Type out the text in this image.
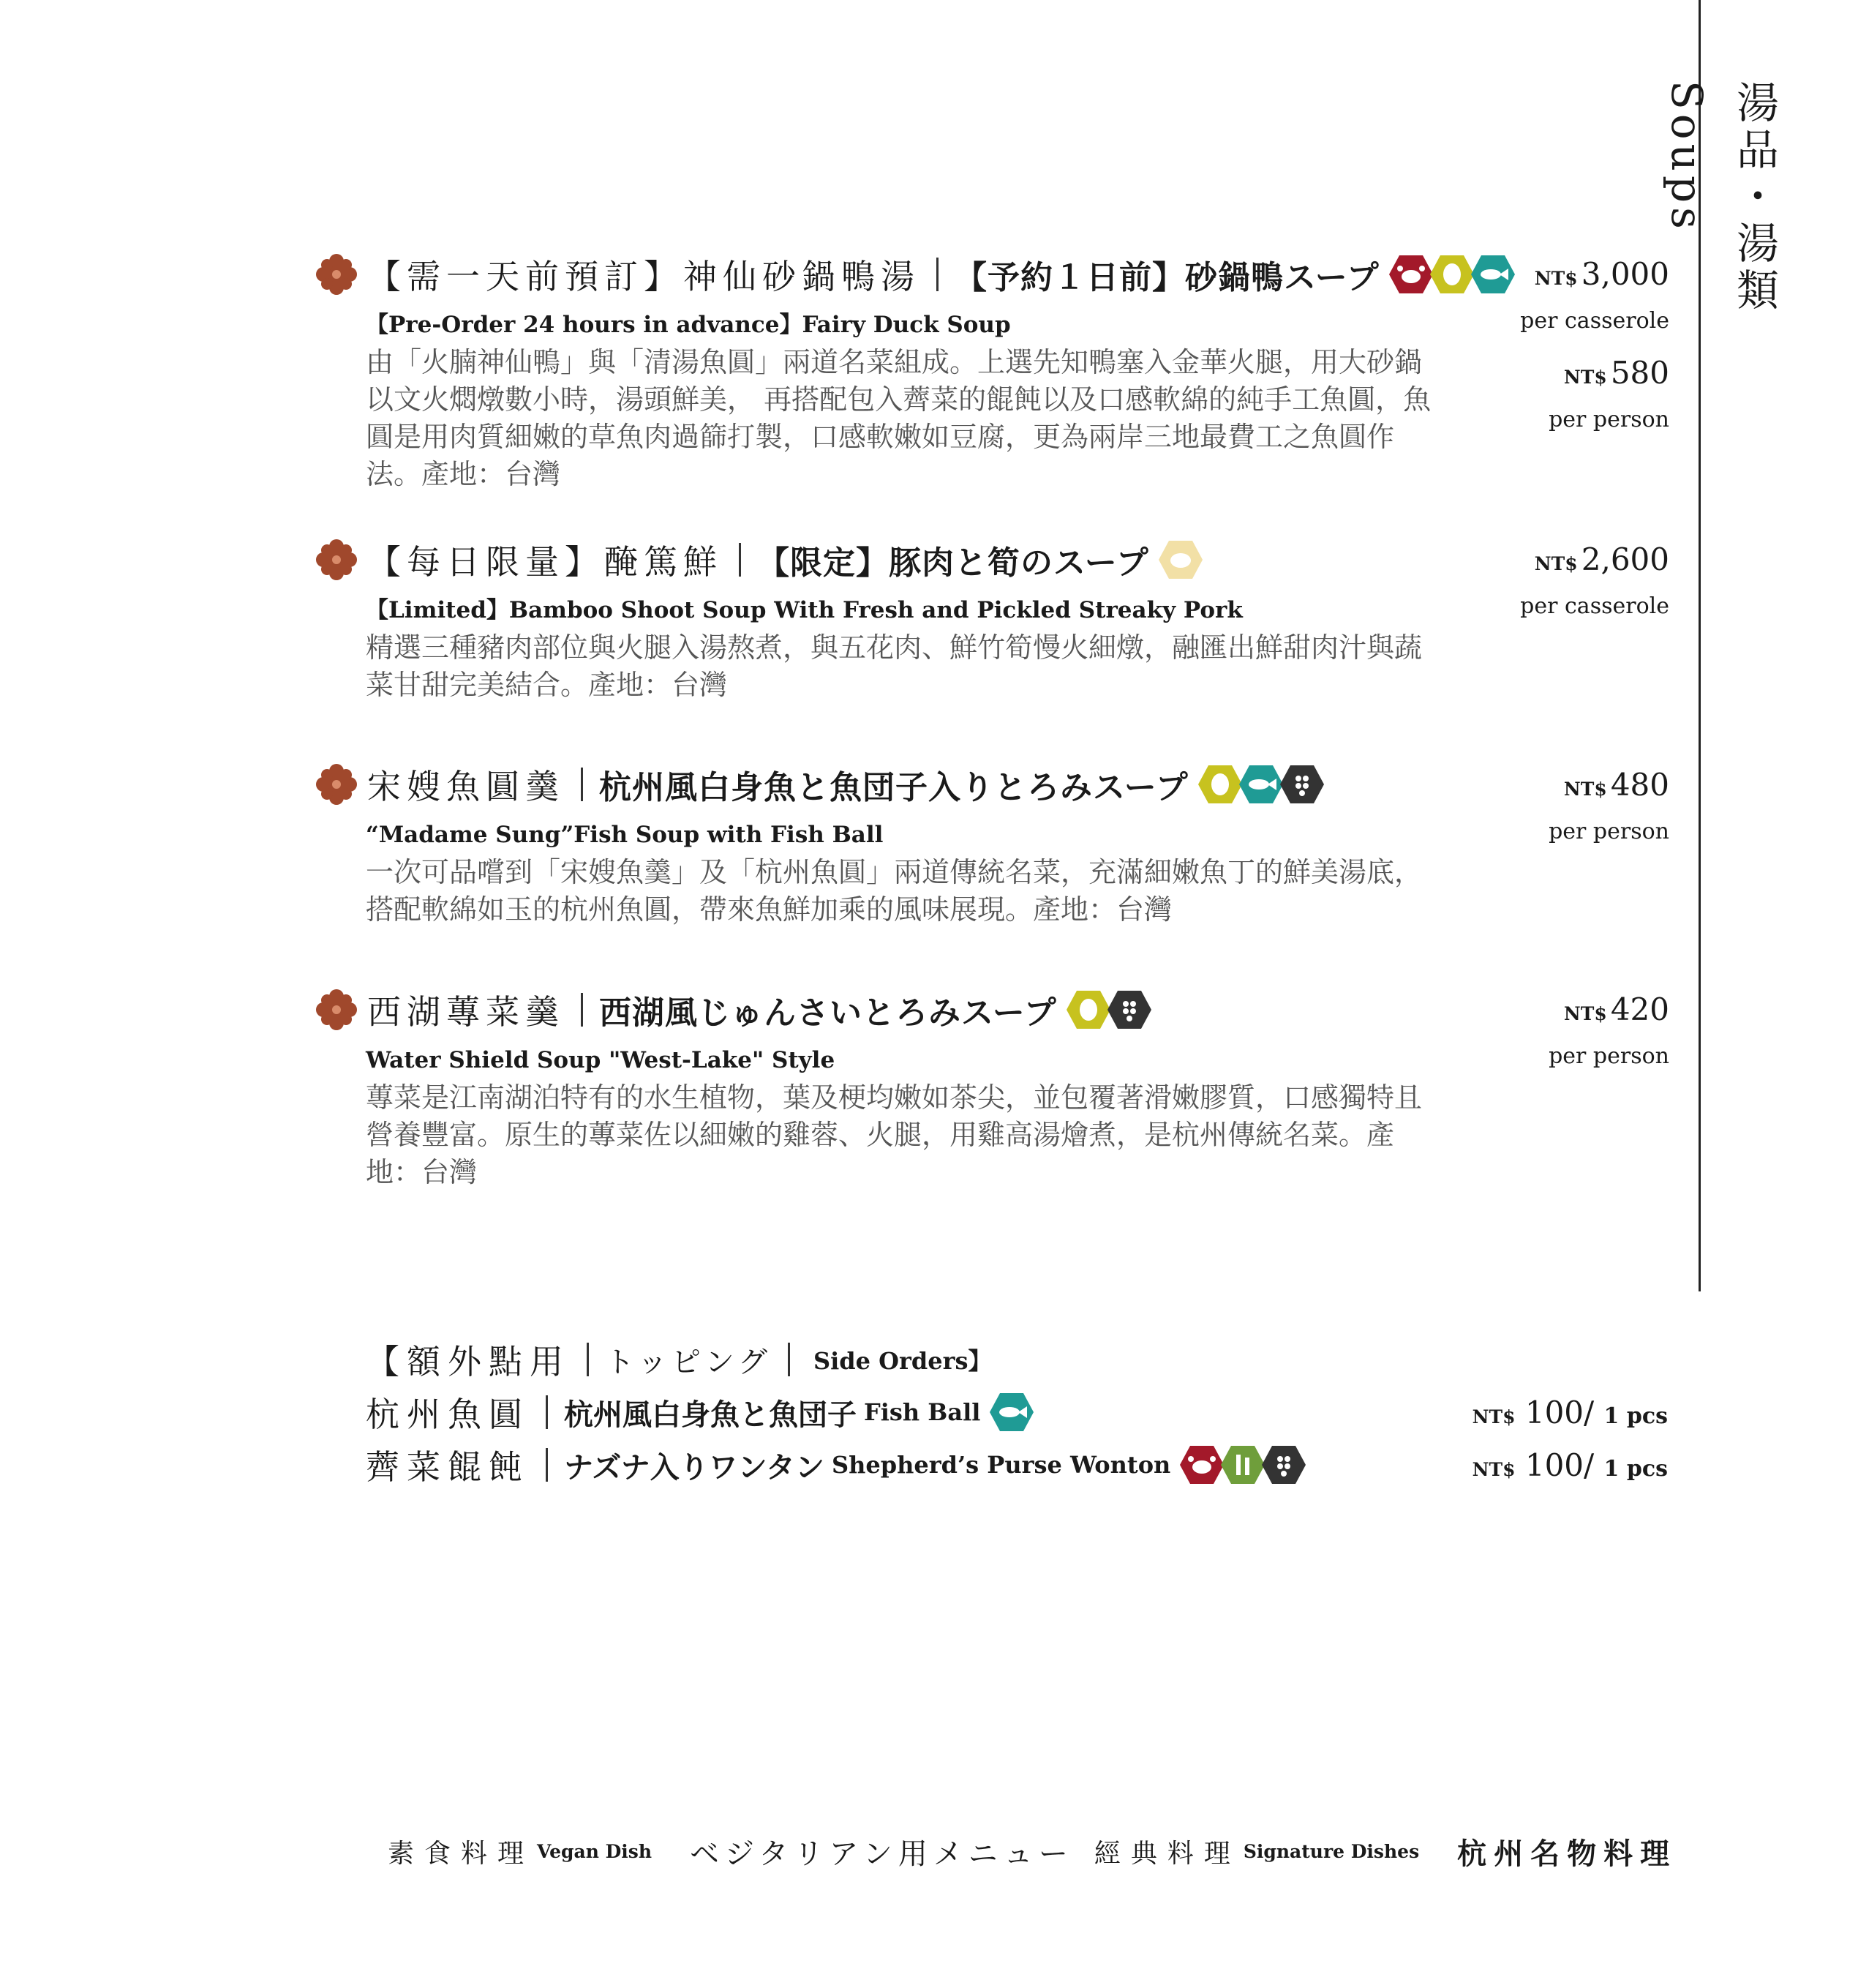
湯品・湯類 Soups
【需一天前預訂】神仙砂鍋鴨湯 【予約１日前】砂鍋鴨スープ
【Pre-Order 24 hours in advance】Fairy Duck Soup
由「火腩神仙鴨」與「清湯魚圓」兩道名菜組成。上選先知鴨塞入金華火腿，用大砂鍋以文火燜燉數小時，湯頭鮮美， 再搭配包入薺菜的餛飩以及口感軟綿的純手工魚圓，魚圓是用肉質細嫩的草魚肉過篩打製，口感軟嫩如豆腐，更為兩岸三地最費工之魚圓作法。產地：台灣
NT$ 3,000
per casserole
NT$ 580
per person
【每日限量】醃篤鮮 【限定】豚肉と筍のスープ
【Limited】Bamboo Shoot Soup With Fresh and Pickled Streaky Pork
精選三種豬肉部位與火腿入湯熬煮，與五花肉、鮮竹筍慢火細燉，融匯出鮮甜肉汁與蔬菜甘甜完美結合。產地：台灣
NT$ 2,600
per casserole
宋嫂魚圓羹 杭州風白身魚と魚団子入りとろみスープ
“Madame Sung”Fish Soup with Fish Ball
一次可品嚐到「宋嫂魚羹」及「杭州魚圓」兩道傳統名菜，充滿細嫩魚丁的鮮美湯底，搭配軟綿如玉的杭州魚圓，帶來魚鮮加乘的風味展現。產地：台灣
NT$ 480
per person
西湖蓴菜羹 西湖風じゅんさいとろみスープ
Water Shield Soup "West-Lake" Style
蓴菜是江南湖泊特有的水生植物，葉及梗均嫩如茶尖，並包覆著滑嫩膠質，口感獨特且營養豐富。原生的蓴菜佐以細嫩的雞蓉、火腿，用雞高湯燴煮，是杭州傳統名菜。產地：台灣
NT$ 420
per person
【額外點用 トッピング Side Orders】
杭州魚圓 杭州風白身魚と魚団子 Fish Ball	NT$ 100/ 1 pcs
薺菜餛飩 ナズナ入りワンタン Shepherd’s Purse Wonton	NT$ 100/ 1 pcs
素食料理 Vegan Dish ベジタリアン用メニュー 經典料理 Signature Dishes 杭州名物料理
